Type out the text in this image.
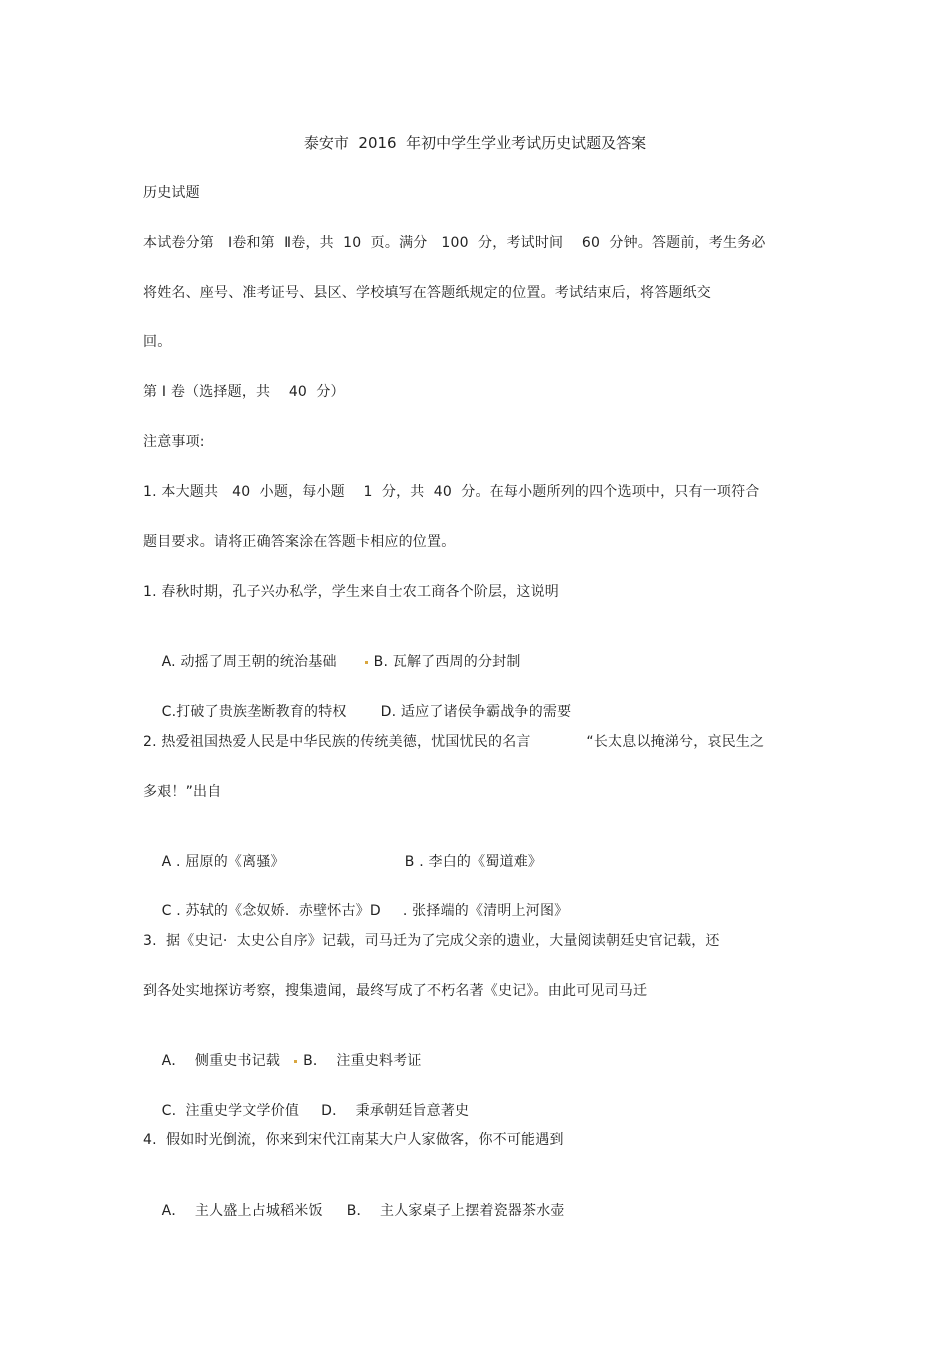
泰安市  2016  年初中学生学业考试历史试题及答案
历史试题
本试卷分第   Ⅰ卷和第  Ⅱ卷，共  10  页。满分   100  分，考试时间    60  分钟。答题前，考生务必
将姓名、座号、准考证号、县区、学校填写在答题纸规定的位置。考试结束后，将答题纸交
回。
第 Ⅰ 卷（选择题，共    40  分）
注意事项:
1. 本大题共   40  小题，每小题    1  分，共  40  分。在每小题所列的四个选项中，只有一项符合
题目要求。请将正确答案涂在答题卡相应的位置。
1. 春秋时期，孔子兴办私学，学生来自士农工商各个阶层，这说明

A. 动摇了周王朝的统治基础	B. 瓦解了西周的分封制

C.打破了贵族垄断教育的特权 D. 适应了诸侯争霸战争的需要

2. 热爱祖国热爱人民是中华民族的传统美德，忧国忧民的名言            “长太息以掩涕兮，哀民生之
多艰！”出自

A . 屈原的《离骚》	B . 李白的《蜀道难》

C . 苏轼的《念奴娇.  赤壁怀古》D . 张择端的《清明上河图》

3.  据《史记·  太史公自序》记载，司马迁为了完成父亲的遗业，大量阅读朝廷史官记载，还
到各处实地探访考察，搜集遗闻，最终写成了不朽名著《史记》。由此可见司马迁

A．  侧重史书记载 B．  注重史料考证

C.  注重史学文学价值 D．  秉承朝廷旨意著史

4.  假如时光倒流，你来到宋代江南某大户人家做客，你不可能遇到

A．  主人盛上占城稻米饭 B．  主人家桌子上摆着瓷器茶水壶
